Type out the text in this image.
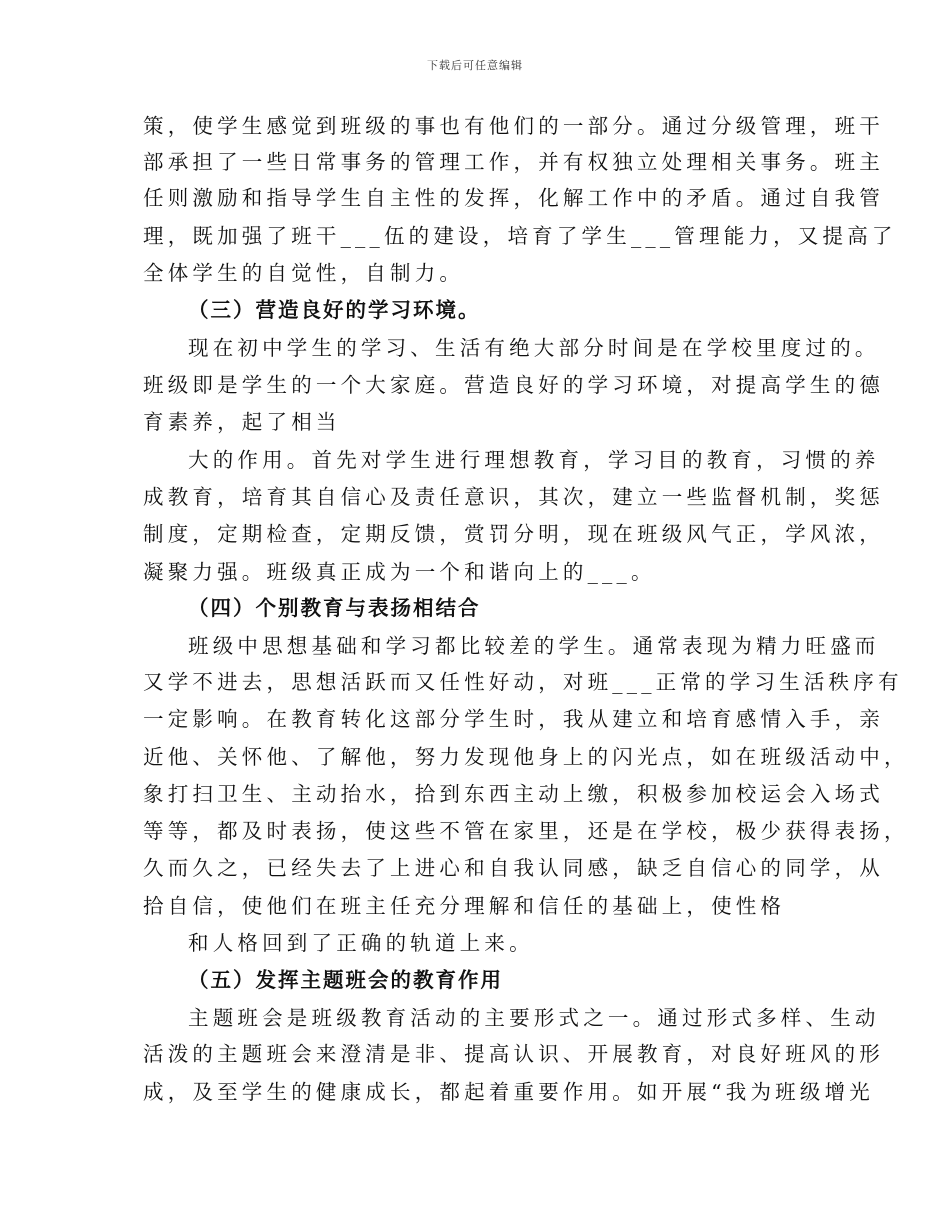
下载后可任意编辑
策，使学生感觉到班级的事也有他们的一部分。通过分级管理，班干
部承担了一些日常事务的管理工作，并有权独立处理相关事务。班主
任则激励和指导学生自主性的发挥，化解工作中的矛盾。通过自我管
理，既加强了班干___伍的建设，培育了学生___管理能力，又提高了
全体学生的自觉性，自制力。
（三）营造良好的学习环境。
现在初中学生的学习、生活有绝大部分时间是在学校里度过的。
班级即是学生的一个大家庭。营造良好的学习环境，对提高学生的德
育素养，起了相当
大的作用。首先对学生进行理想教育，学习目的教育，习惯的养
成教育，培育其自信心及责任意识，其次，建立一些监督机制，奖惩
制度，定期检查，定期反馈，赏罚分明，现在班级风气正，学风浓，
凝聚力强。班级真正成为一个和谐向上的___。
（四）个别教育与表扬相结合
班级中思想基础和学习都比较差的学生。通常表现为精力旺盛而
又学不进去，思想活跃而又任性好动，对班___正常的学习生活秩序有
一定影响。在教育转化这部分学生时，我从建立和培育感情入手，亲
近他、关怀他、了解他，努力发现他身上的闪光点，如在班级活动中，
象打扫卫生、主动抬水，拾到东西主动上缴，积极参加校运会入场式
等等，都及时表扬，使这些不管在家里，还是在学校，极少获得表扬，
久而久之，已经失去了上进心和自我认同感，缺乏自信心的同学，从
拾自信，使他们在班主任充分理解和信任的基础上，使性格
和人格回到了正确的轨道上来。
（五）发挥主题班会的教育作用
主题班会是班级教育活动的主要形式之一。通过形式多样、生动
活泼的主题班会来澄清是非、提高认识、开展教育，对良好班风的形
成，及至学生的健康成长，都起着重要作用。如开展“我为班级增光
